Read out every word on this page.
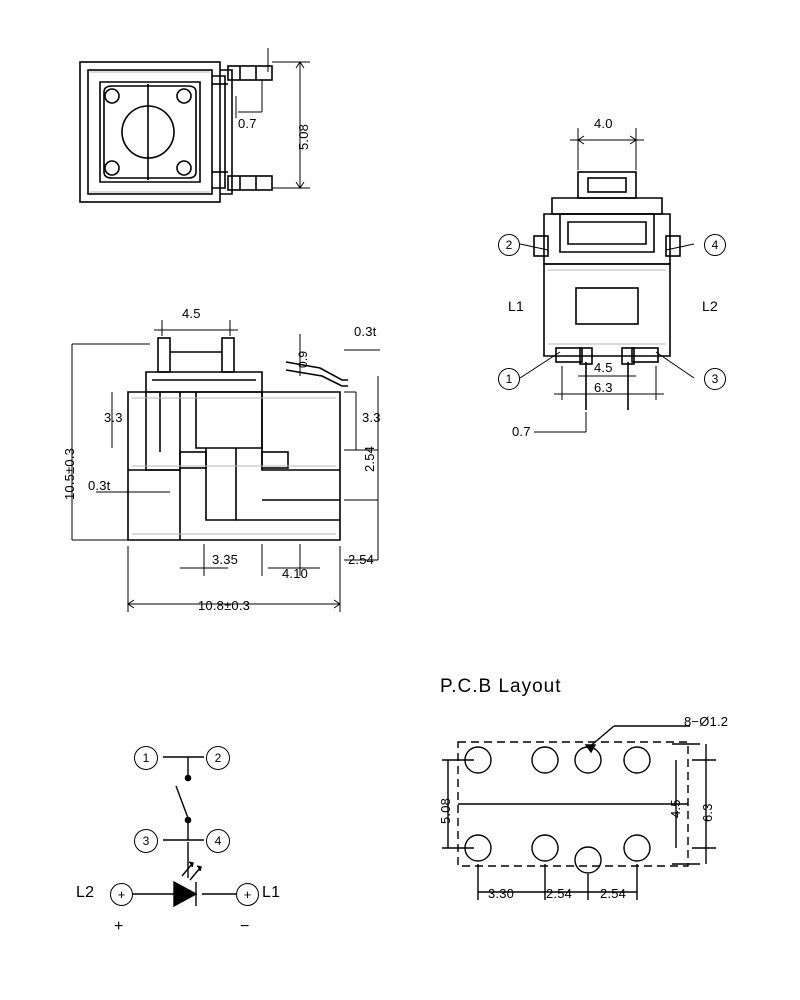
0.7
5.08
4.0
4.5
6.3
0.7
2	4
1	3
L1	L2
4.5
0.3t
0.9
3.3	3.3
2.54
2.54
10.5±0.3 0.3t
3.35
4.10
10.8±0.3
1	2
3	4
+	+
L2	L1
+	−
P.C.B Layout
8−Ø1.2
5.08	4.5 6.3
3.30 2.54 2.54
